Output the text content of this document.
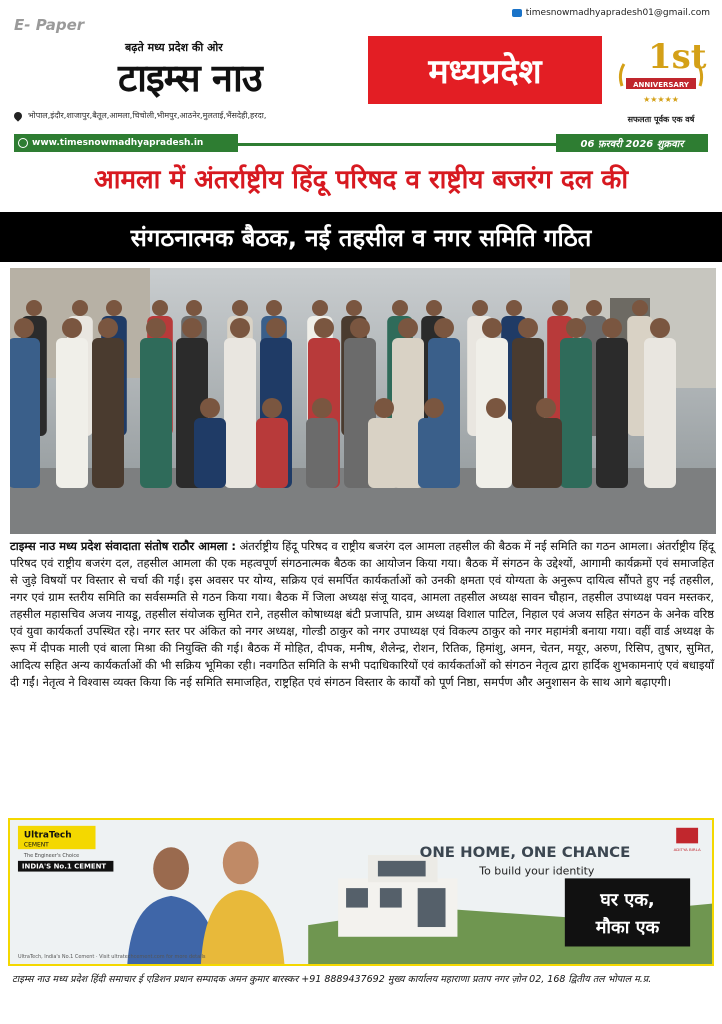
E- Paper
timesnowmadhyapradesh01@gmail.com
बढ़ते मध्य प्रदेश की ओर
टाइम्स नाउ	मध्यप्रदेश	1st
ANNIVERSARY
★★★★★
सफलता पूर्वक एक वर्ष
भोपाल,इंदौर,शाजापुर,बैतूल,आमला,चिचोली,भीमपुर,आठनेर,मुलताई,भैंसदेही,हरदा,
www.timesnowmadhyapradesh.in	06 फ़रवरी 2026 शुक्रवार
आमला में अंतर्राष्ट्रीय हिंदू परिषद व राष्ट्रीय बजरंग दल की
संगठनात्मक बैठक, नई तहसील व नगर समिति गठित
टाइम्स नाउ मध्य प्रदेश संवादाता संतोष राठौर आमला : अंतर्राष्ट्रीय हिंदू परिषद व राष्ट्रीय बजरंग दल आमला तहसील की बैठक में नई समिति का गठन आमला। अंतर्राष्ट्रीय हिंदू परिषद एवं राष्ट्रीय बजरंग दल, तहसील आमला की एक महत्वपूर्ण संगठनात्मक बैठक का आयोजन किया गया। बैठक में संगठन के उद्देश्यों, आगामी कार्यक्रमों एवं समाजहित से जुड़े विषयों पर विस्तार से चर्चा की गई। इस अवसर पर योग्य, सक्रिय एवं समर्पित कार्यकर्ताओं को उनकी क्षमता एवं योग्यता के अनुरूप दायित्व सौंपते हुए नई तहसील, नगर एवं ग्राम स्तरीय समिति का सर्वसम्मति से गठन किया गया। बैठक में जिला अध्यक्ष संजू यादव, आमला तहसील अध्यक्ष सावन चौहान, तहसील उपाध्यक्ष पवन मस्तकर, तहसील महासचिव अजय नायडू, तहसील संयोजक सुमित राने, तहसील कोषाध्यक्ष बंटी प्रजापति, ग्राम अध्यक्ष विशाल पाटिल, निहाल एवं अजय सहित संगठन के अनेक वरिष्ठ एवं युवा कार्यकर्ता उपस्थित रहे। नगर स्तर पर अंकित को नगर अध्यक्ष, गोल्डी ठाकुर को नगर उपाध्यक्ष एवं विकल्प ठाकुर को नगर महामंत्री बनाया गया। वहीं वार्ड अध्यक्ष के रूप में दीपक माली एवं बाला मिश्रा की नियुक्ति की गई। बैठक में मोहित, दीपक, मनीष, शैलेन्द्र, रोशन, रितिक, हिमांशु, अमन, चेतन, मयूर, अरुण, रिसिप, तुषार, सुमित, आदित्य सहित अन्य कार्यकर्ताओं की भी सक्रिय भूमिका रही। नवगठित समिति के सभी पदाधिकारियों एवं कार्यकर्ताओं को संगठन नेतृत्व द्वारा हार्दिक शुभकामनाएं एवं बधाइयाँ दी गईं। नेतृत्व ने विश्वास व्यक्त किया कि नई समिति समाजहित, राष्ट्रहित एवं संगठन विस्तार के कार्यों को पूर्ण निष्ठा, समर्पण और अनुशासन के साथ आगे बढ़ाएगी।
UltraTech
CEMENT
The Engineer's Choice
INDIA'S No.1 CEMENT
ONE HOME, ONE CHANCE
To build your identity
घर एक,
मौका एक
ADITYA BIRLA
UltraTech, India's No.1 Cement · Visit ultratechcement.com for more details
टाइम्स नाउ मध्य प्रदेश हिंदी समाचार ई एडिशन प्रधान सम्पादक अमन कुमार बारस्कर +91 8889437692 मुख्य कार्यालय महाराणा प्रताप नगर ज़ोन 02, 168 द्वितीय तल भोपाल म.प्र.
